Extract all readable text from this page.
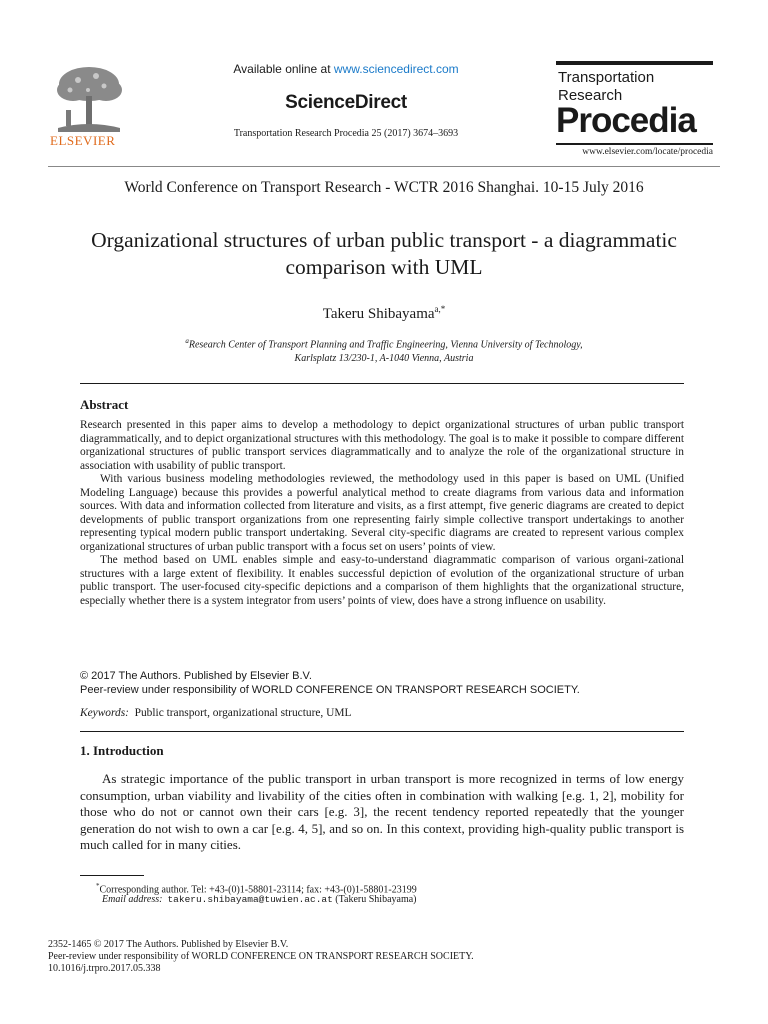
ELSEVIER
Available online at www.sciencedirect.com
ScienceDirect
Transportation Research Procedia 25 (2017) 3674–3693
Transportation
Research
Procedia
www.elsevier.com/locate/procedia
World Conference on Transport Research - WCTR 2016 Shanghai. 10-15 July 2016
Organizational structures of urban public transport - a diagrammatic comparison with UML
Takeru Shibayama$^{a,*}$
$^a$Research Center of Transport Planning and Traffic Engineering, Vienna University of Technology,
Karlsplatz 13/230-1, A-1040 Vienna, Austria
Abstract

Research presented in this paper aims to develop a methodology to depict organizational structures of urban public transport diagrammatically, and to depict organizational structures with this methodology. The goal is to make it possible to compare different organizational structures of public transport services diagrammatically and to analyze the role of the organizational structure in association with usability of public transport.

With various business modeling methodologies reviewed, the methodology used in this paper is based on UML (Unified Modeling Language) because this provides a powerful analytical method to create diagrams from various data and information sources. With data and information collected from literature and visits, as a first attempt, five generic diagrams are created to depict developments of public transport organizations from one representing fairly simple collective transport undertakings to another representing typical modern public transport undertaking. Several city-specific diagrams are created to represent various complex organizational structures of urban public transport with a focus set on users’ points of view.

The method based on UML enables simple and easy-to-understand diagrammatic comparison of various organi-zational structures with a large extent of flexibility. It enables successful depiction of evolution of the organizational structure of urban public transport. The user-focused city-specific depictions and a comparison of them highlights that the organizational structure, especially whether there is a system integrator from users’ points of view, does have a strong influence on usability.

© 2017 The Authors. Published by Elsevier B.V.
Peer-review under responsibility of WORLD CONFERENCE ON TRANSPORT RESEARCH SOCIETY.
Keywords: Public transport, organizational structure, UML
1. Introduction
As strategic importance of the public transport in urban transport is more recognized in terms of low energy consumption, urban viability and livability of the cities often in combination with walking [e.g. 1, 2], mobility for those who do not or cannot own their cars [e.g. 3], the recent tendency reported repeatedly that the younger generation do not wish to own a car [e.g. 4, 5], and so on. In this context, providing high-quality public transport is much called for in many cities.
*Corresponding author. Tel: +43-(0)1-58801-23114; fax: +43-(0)1-58801-23199
Email address: takeru.shibayama@tuwien.ac.at (Takeru Shibayama)
2352-1465 © 2017 The Authors. Published by Elsevier B.V.
Peer-review under responsibility of WORLD CONFERENCE ON TRANSPORT RESEARCH SOCIETY.
10.1016/j.trpro.2017.05.338
